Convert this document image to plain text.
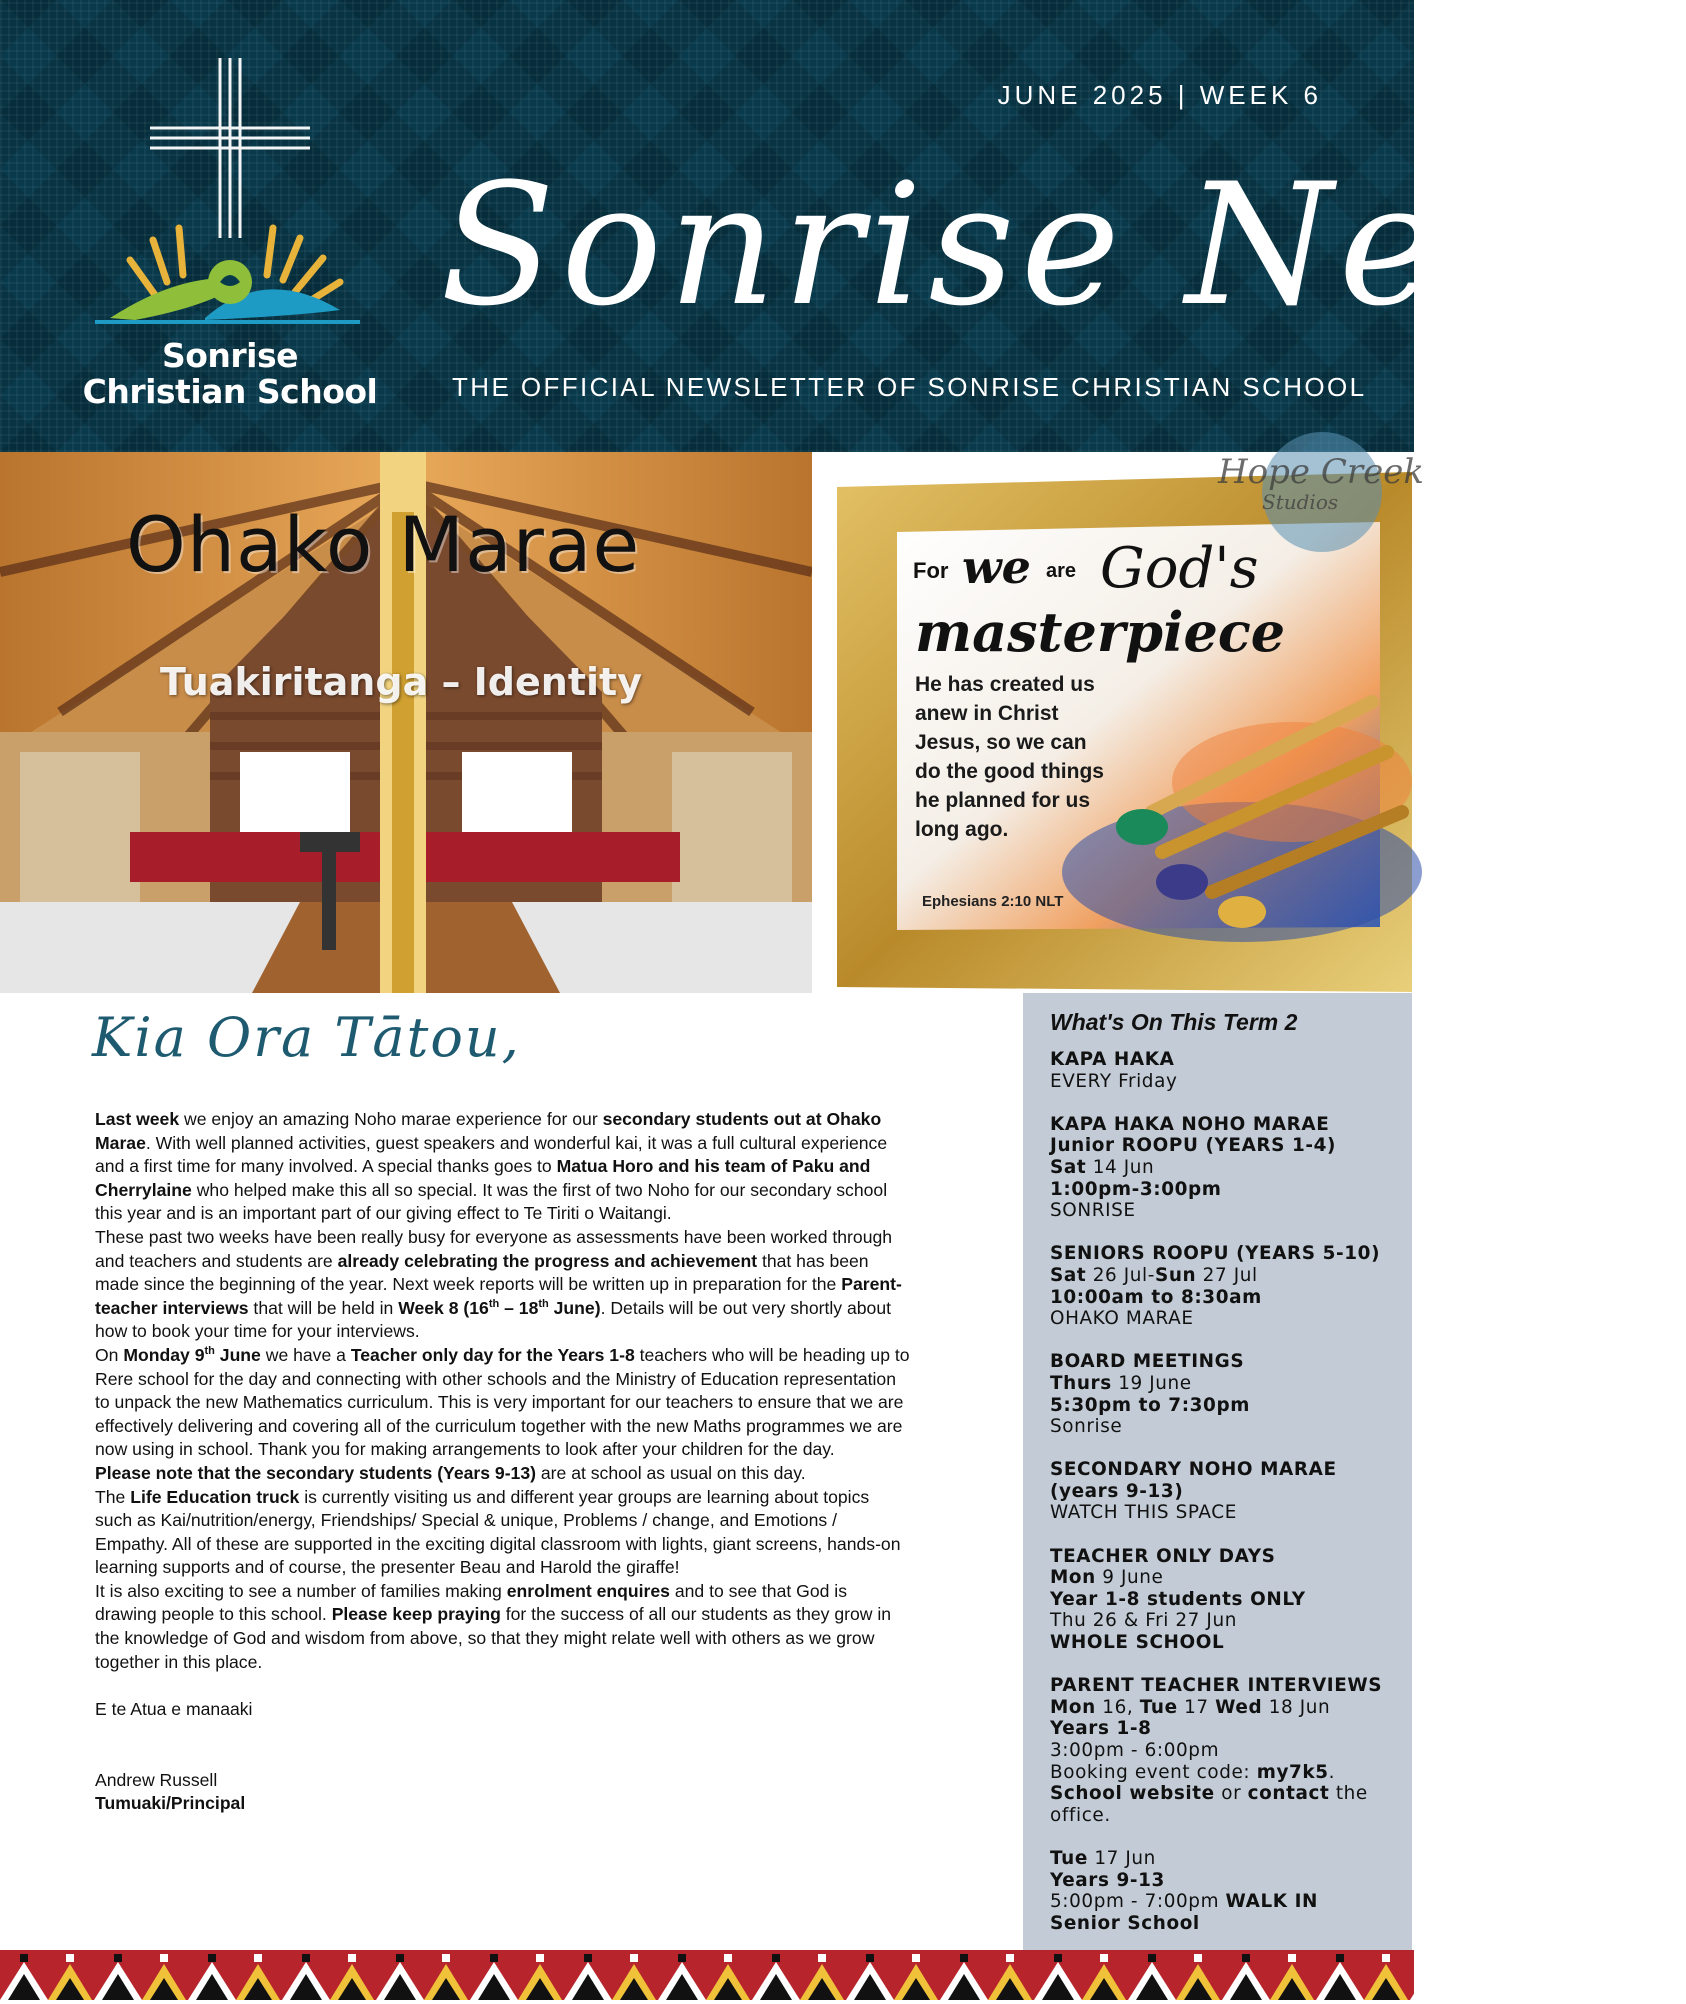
Sonrise
Christian School
JUNE 2025 | WEEK 6
Sonrise News
THE OFFICIAL NEWSLETTER OF SONRISE CHRISTIAN SCHOOL
Ohako Marae
Tuakiritanga – Identity
For we are God's
masterpiece
He has created us anew in Christ Jesus, so we can do the good things he planned for us long ago.
Ephesians 2:10 NLT
Hope Creek
Studios
Kia Ora Tātou,

Last week we enjoy an amazing Noho marae experience for our secondary students out at Ohako Marae. With well planned activities, guest speakers and wonderful kai, it was a full cultural experience and a first time for many involved. A special thanks goes to Matua Horo and his team of Paku and Cherrylaine who helped make this all so special. It was the first of two Noho for our secondary school this year and is an important part of our giving effect to Te Tiriti o Waitangi.

These past two weeks have been really busy for everyone as assessments have been worked through and teachers and students are already celebrating the progress and achievement that has been made since the beginning of the year. Next week reports will be written up in preparation for the Parent-teacher interviews that will be held in Week 8 (16th – 18th June). Details will be out very shortly about how to book your time for your interviews.

On Monday 9th June we have a Teacher only day for the Years 1-8 teachers who will be heading up to Rere school for the day and connecting with other schools and the Ministry of Education representation to unpack the new Mathematics curriculum. This is very important for our teachers to ensure that we are effectively delivering and covering all of the curriculum together with the new Maths programmes we are now using in school. Thank you for making arrangements to look after your children for the day.

Please note that the secondary students (Years 9-13) are at school as usual on this day.

The Life Education truck is currently visiting us and different year groups are learning about topics such as Kai/nutrition/energy, Friendships/ Special & unique, Problems / change, and Emotions / Empathy. All of these are supported in the exciting digital classroom with lights, giant screens, hands-on learning supports and of course, the presenter Beau and Harold the giraffe!

It is also exciting to see a number of families making enrolment enquires and to see that God is drawing people to this school. Please keep praying for the success of all our students as they grow in the knowledge of God and wisdom from above, so that they might relate well with others as we grow together in this place.

E te Atua e manaaki

Andrew Russell

Tumuaki/Principal

What's On This Term 2
KAPA HAKA
EVERY Friday
KAPA HAKA NOHO MARAE
Junior ROOPU (YEARS 1-4)
Sat 14 Jun
1:00pm-3:00pm
SONRISE
SENIORS ROOPU (YEARS 5-10)
Sat 26 Jul-Sun 27 Jul
10:00am to 8:30am
OHAKO MARAE
BOARD MEETINGS
Thurs 19 June
5:30pm to 7:30pm
Sonrise
SECONDARY NOHO MARAE
(years 9-13)
WATCH THIS SPACE
TEACHER ONLY DAYS
Mon 9 June
Year 1-8 students ONLY
Thu 26 & Fri 27 Jun
WHOLE SCHOOL
PARENT TEACHER INTERVIEWS
Mon 16, Tue 17 Wed 18 Jun
Years 1-8
3:00pm - 6:00pm
Booking event code: my7k5.
School website or contact the office.
Tue 17 Jun
Years 9-13
5:00pm - 7:00pm WALK IN
Senior School
